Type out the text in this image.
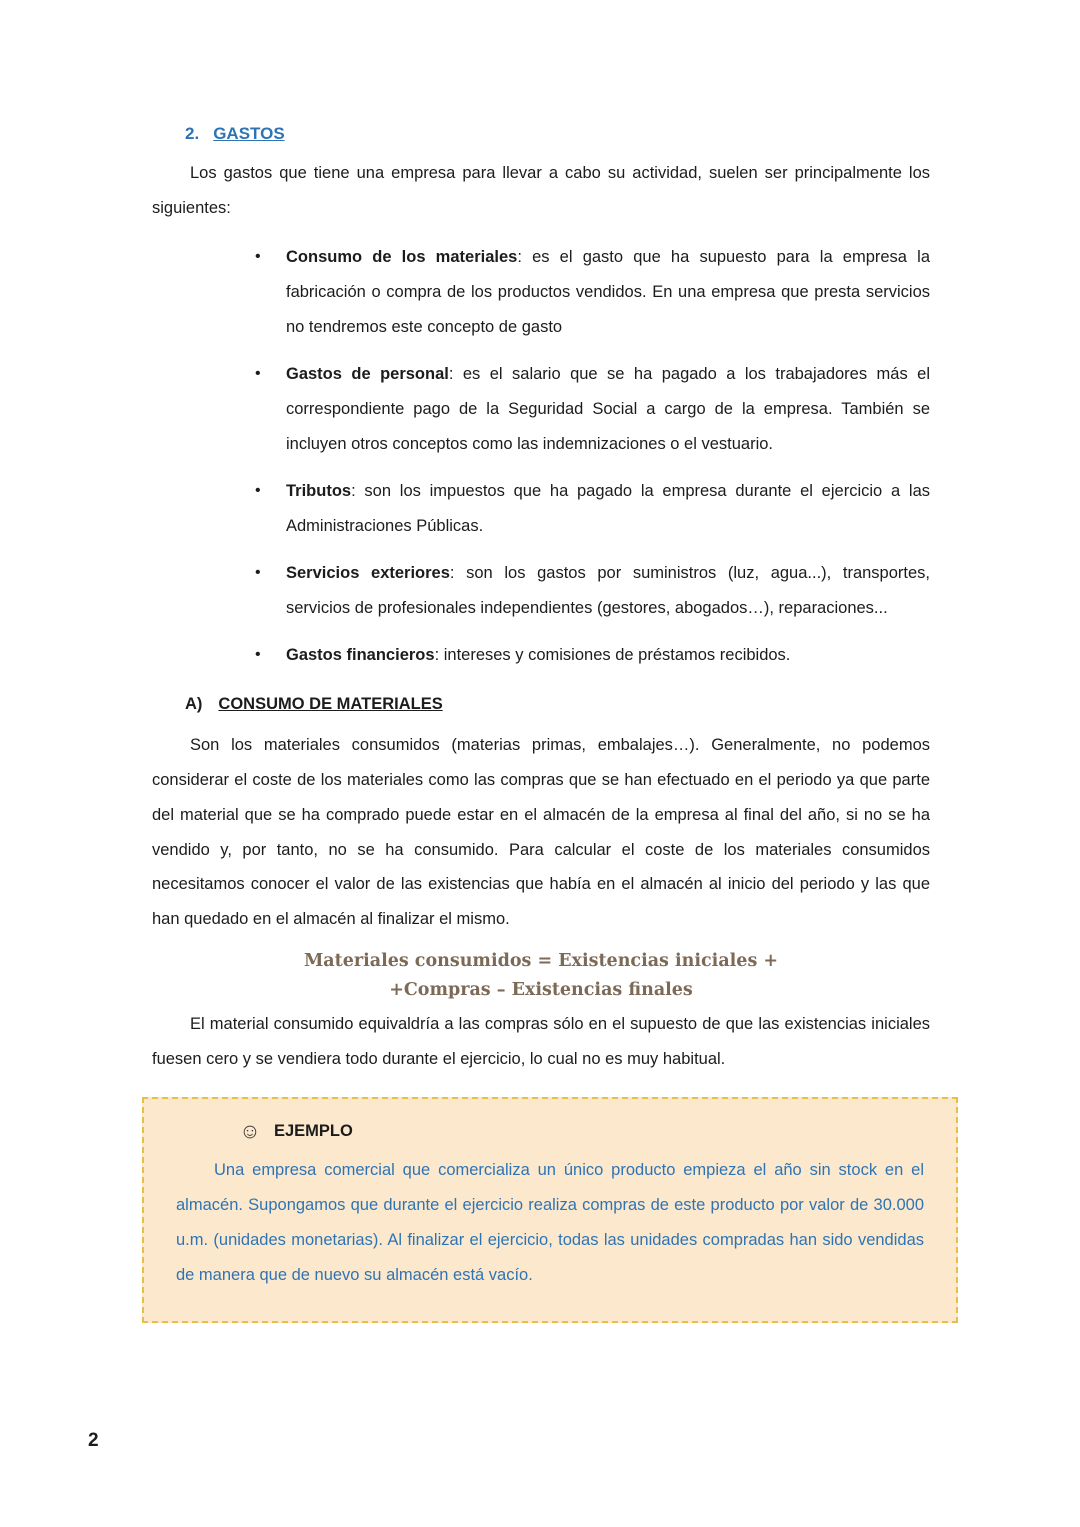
2. GASTOS

Los gastos que tiene una empresa para llevar a cabo su actividad, suelen ser principalmente los siguientes:

•	Consumo de los materiales: es el gasto que ha supuesto para la empresa la fabricación o compra de los productos vendidos. En una empresa que presta servicios no tendremos este concepto de gasto
•	Gastos de personal: es el salario que se ha pagado a los trabajadores más el correspondiente pago de la Seguridad Social a cargo de la empresa. También se incluyen otros conceptos como las indemnizaciones o el vestuario.
•	Tributos: son los impuestos que ha pagado la empresa durante el ejercicio a las Administraciones Públicas.
•	Servicios exteriores: son los gastos por suministros (luz, agua...), transportes, servicios de profesionales independientes (gestores, abogados…), reparaciones...
•	Gastos financieros: intereses y comisiones de préstamos recibidos.
A) CONSUMO DE MATERIALES

Son los materiales consumidos (materias primas, embalajes…). Generalmente, no podemos considerar el coste de los materiales como las compras que se han efectuado en el periodo ya que parte del material que se ha comprado puede estar en el almacén de la empresa al final del año, si no se ha vendido y, por tanto, no se ha consumido. Para calcular el coste de los materiales consumidos necesitamos conocer el valor de las existencias que había en el almacén al inicio del periodo y las que han quedado en el almacén al finalizar el mismo.

Materiales consumidos = Existencias iniciales +
+Compras – Existencias finales

El material consumido equivaldría a las compras sólo en el supuesto de que las existencias iniciales fuesen cero y se vendiera todo durante el ejercicio, lo cual no es muy habitual.

☺ EJEMPLO

Una empresa comercial que comercializa un único producto empieza el año sin stock en el almacén. Supongamos que durante el ejercicio realiza compras de este producto por valor de 30.000 u.m. (unidades monetarias). Al finalizar el ejercicio, todas las unidades compradas han sido vendidas de manera que de nuevo su almacén está vacío.

2
